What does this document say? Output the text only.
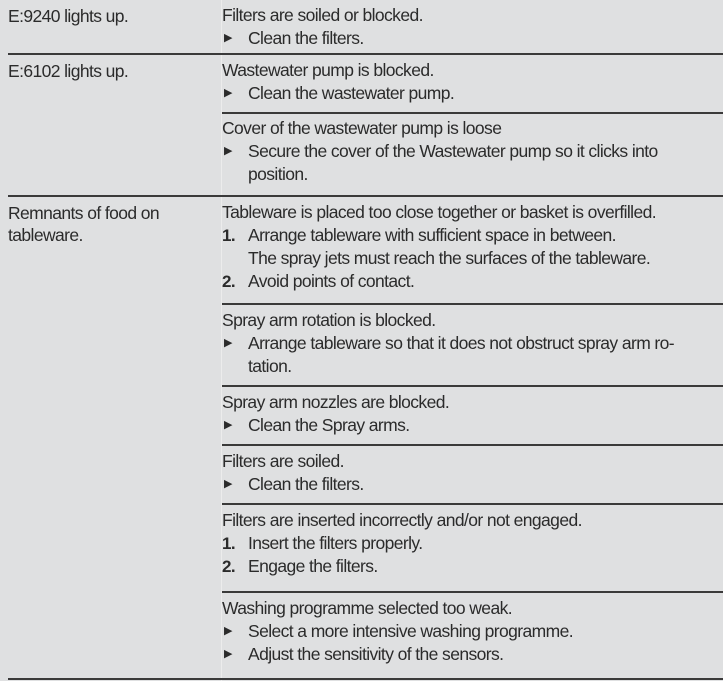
E:9240 lights up.	Filters are soiled or blocked.
▶ Clean the filters.
E:6102 lights up.	Wastewater pump is blocked.
▶ Clean the wastewater pump.
Cover of the wastewater pump is loose
▶ Secure the cover of the Wastewater pump so it clicks into
position.
Remnants of food on
tableware.
Tableware is placed too close together or basket is overfilled.
1. Arrange tableware with sufficient space in between.
The spray jets must reach the surfaces of the tableware.
2. Avoid points of contact.
Spray arm rotation is blocked.
▶ Arrange tableware so that it does not obstruct spray arm ro-
tation.
Spray arm nozzles are blocked.
▶ Clean the Spray arms.
Filters are soiled.
▶ Clean the filters.
Filters are inserted incorrectly and/or not engaged.
1. Insert the filters properly.
2. Engage the filters.
Washing programme selected too weak.
▶ Select a more intensive washing programme.
▶ Adjust the sensitivity of the sensors.
